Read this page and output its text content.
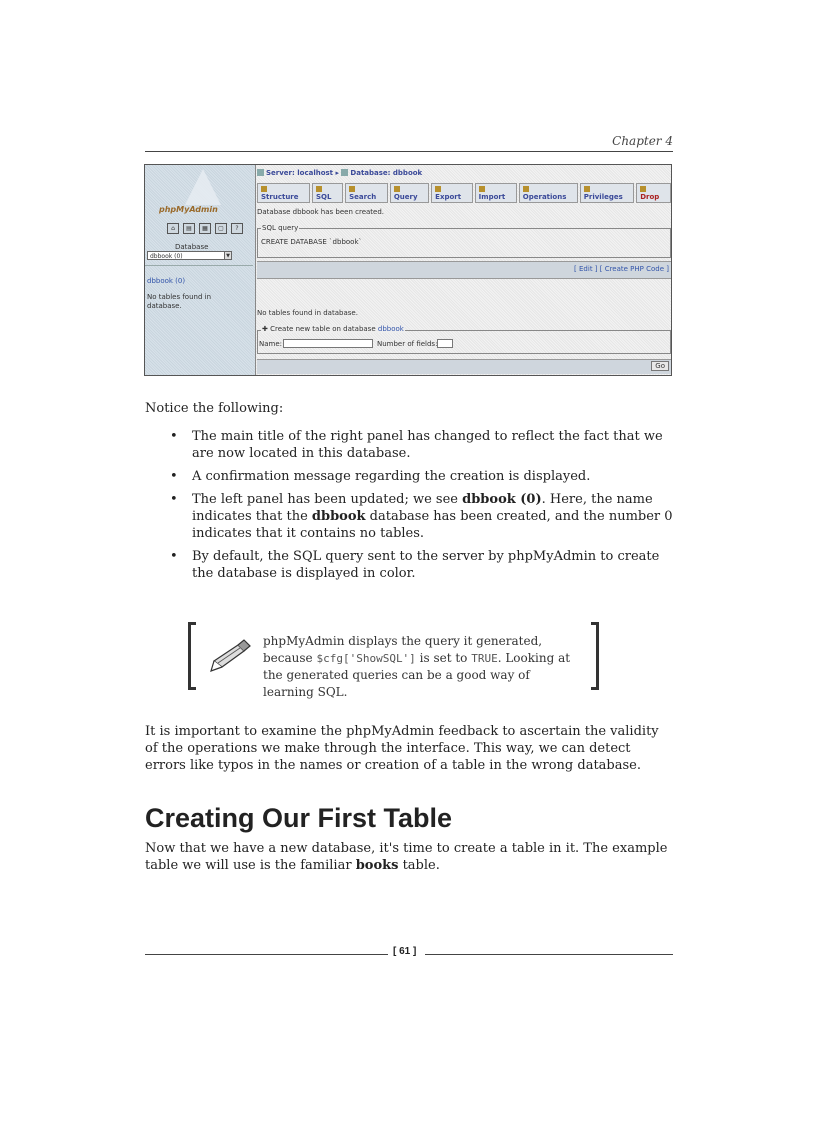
Chapter 4
phpMyAdmin
⌂	▤	▦	▢	?
Database
dbbook (0)	▼
dbbook (0)
No tables found in database.
Server: localhost ▸ Database: dbbook
Structure	SQL	Search	Query	Export	Import	Operations	Privileges	Drop
Database dbbook has been created.
SQL query
CREATE DATABASE `dbbook`
[ Edit ] [ Create PHP Code ]
No tables found in database.
✚ Create new table on database dbbook
Name:	Number of fields:
Go
Notice the following:
• The main title of the right panel has changed to reflect the fact that we are now located in this database.
• A confirmation message regarding the creation is displayed.
• The left panel has been updated; we see dbbook (0). Here, the name indicates that the dbbook database has been created, and the number 0 indicates that it contains no tables.
• By default, the SQL query sent to the server by phpMyAdmin to create the database is displayed in color.
phpMyAdmin displays the query it generated, because $cfg['ShowSQL'] is set to TRUE. Looking at the generated queries can be a good way of learning SQL.
It is important to examine the phpMyAdmin feedback to ascertain the validity of the operations we make through the interface. This way, we can detect errors like typos in the names or creation of a table in the wrong database.
Creating Our First Table
Now that we have a new database, it's time to create a table in it. The example table we will use is the familiar books table.
[ 61 ]
